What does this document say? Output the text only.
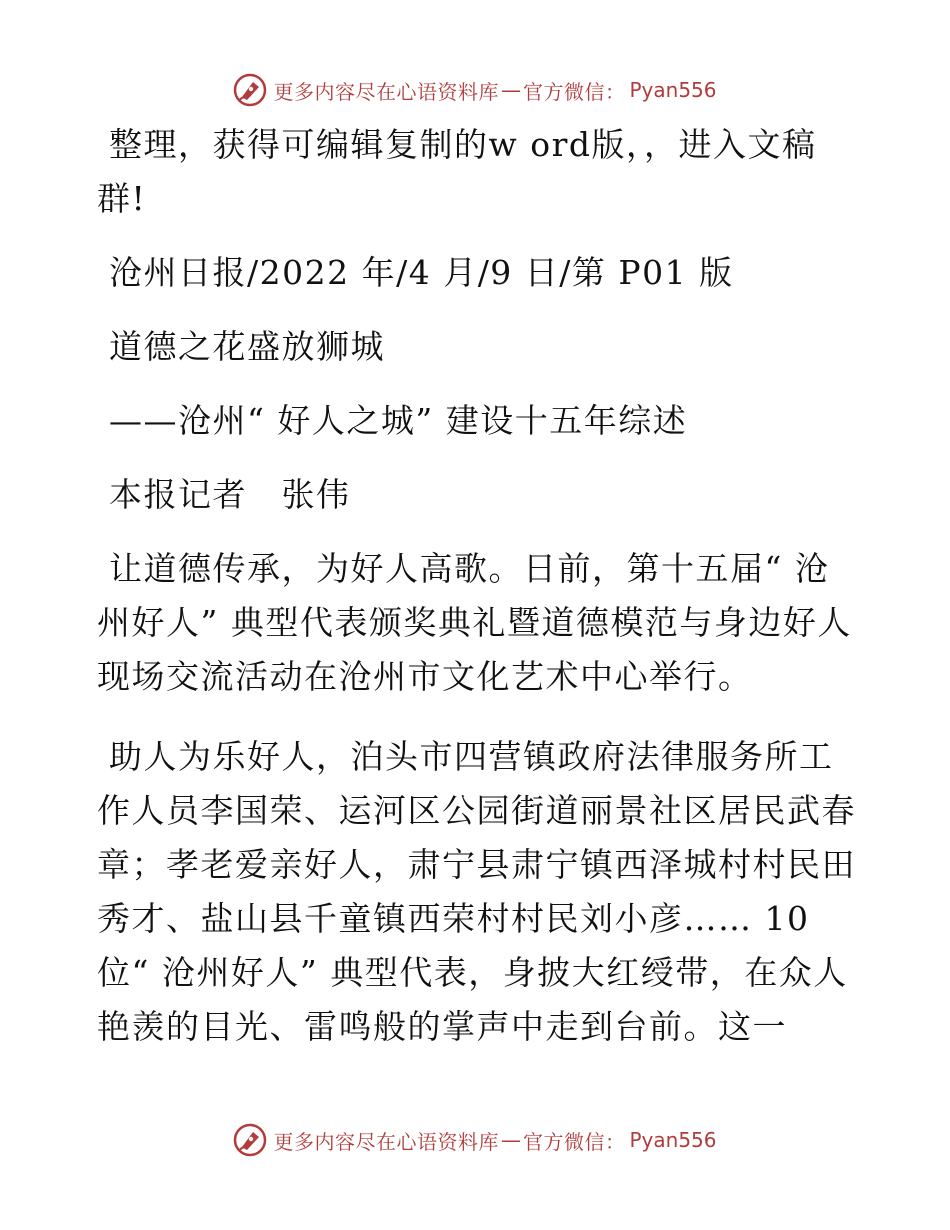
更多内容尽在心语资料库 — 官方微信： Pyan556

整理，获得可编辑复制的w ord版，，进入文稿群!

沧州日报/2022 年/4 月/9 日/第 P01 版

道德之花盛放狮城

——沧州“ 好人之城” 建设十五年综述

本报记者　张伟

让道德传承，为好人高歌。日前，第十五届“ 沧州好人” 典型代表颁奖典礼暨道德模范与身边好人现场交流活动在沧州市文化艺术中心举行。

助人为乐好人，泊头市四营镇政府法律服务所工作人员李国荣、运河区公园街道丽景社区居民武春章；孝老爱亲好人，肃宁县肃宁镇西泽城村村民田秀才、盐山县千童镇西荣村村民刘小彦…… 10 位“ 沧州好人” 典型代表，身披大红绶带，在众人艳羡的目光、雷鸣般的掌声中走到台前。这一

更多内容尽在心语资料库 — 官方微信： Pyan556
